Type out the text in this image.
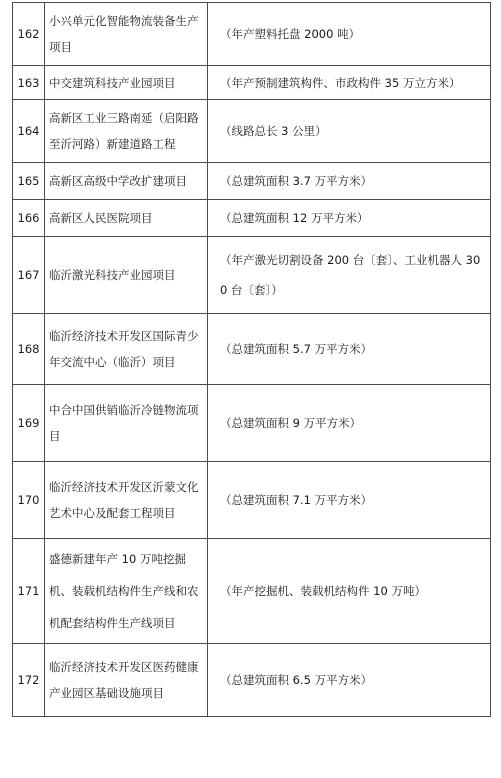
162	小兴单元化智能物流装备生产项目	（年产塑料托盘 2000 吨）
163	中交建筑科技产业园项目	（年产预制建筑构件、市政构件 35 万立方米）
164	高新区工业三路南延（启阳路至沂河路）新建道路工程	（线路总长 3 公里）
165	高新区高级中学改扩建项目	（总建筑面积 3.7 万平方米）
166	高新区人民医院项目	（总建筑面积 12 万平方米）
167	临沂激光科技产业园项目	（年产激光切割设备 200 台〔套〕、工业机器人 300 台〔套〕）
168	临沂经济技术开发区国际青少年交流中心（临沂）项目	（总建筑面积 5.7 万平方米）
169	中合中国供销临沂冷链物流项目	（总建筑面积 9 万平方米）
170	临沂经济技术开发区沂蒙文化艺术中心及配套工程项目	（总建筑面积 7.1 万平方米）
171	盛德新建年产 10 万吨挖掘机、装载机结构件生产线和农机配套结构件生产线项目	（年产挖掘机、装载机结构件 10 万吨）
172	临沂经济技术开发区医药健康产业园区基础设施项目	（总建筑面积 6.5 万平方米）
